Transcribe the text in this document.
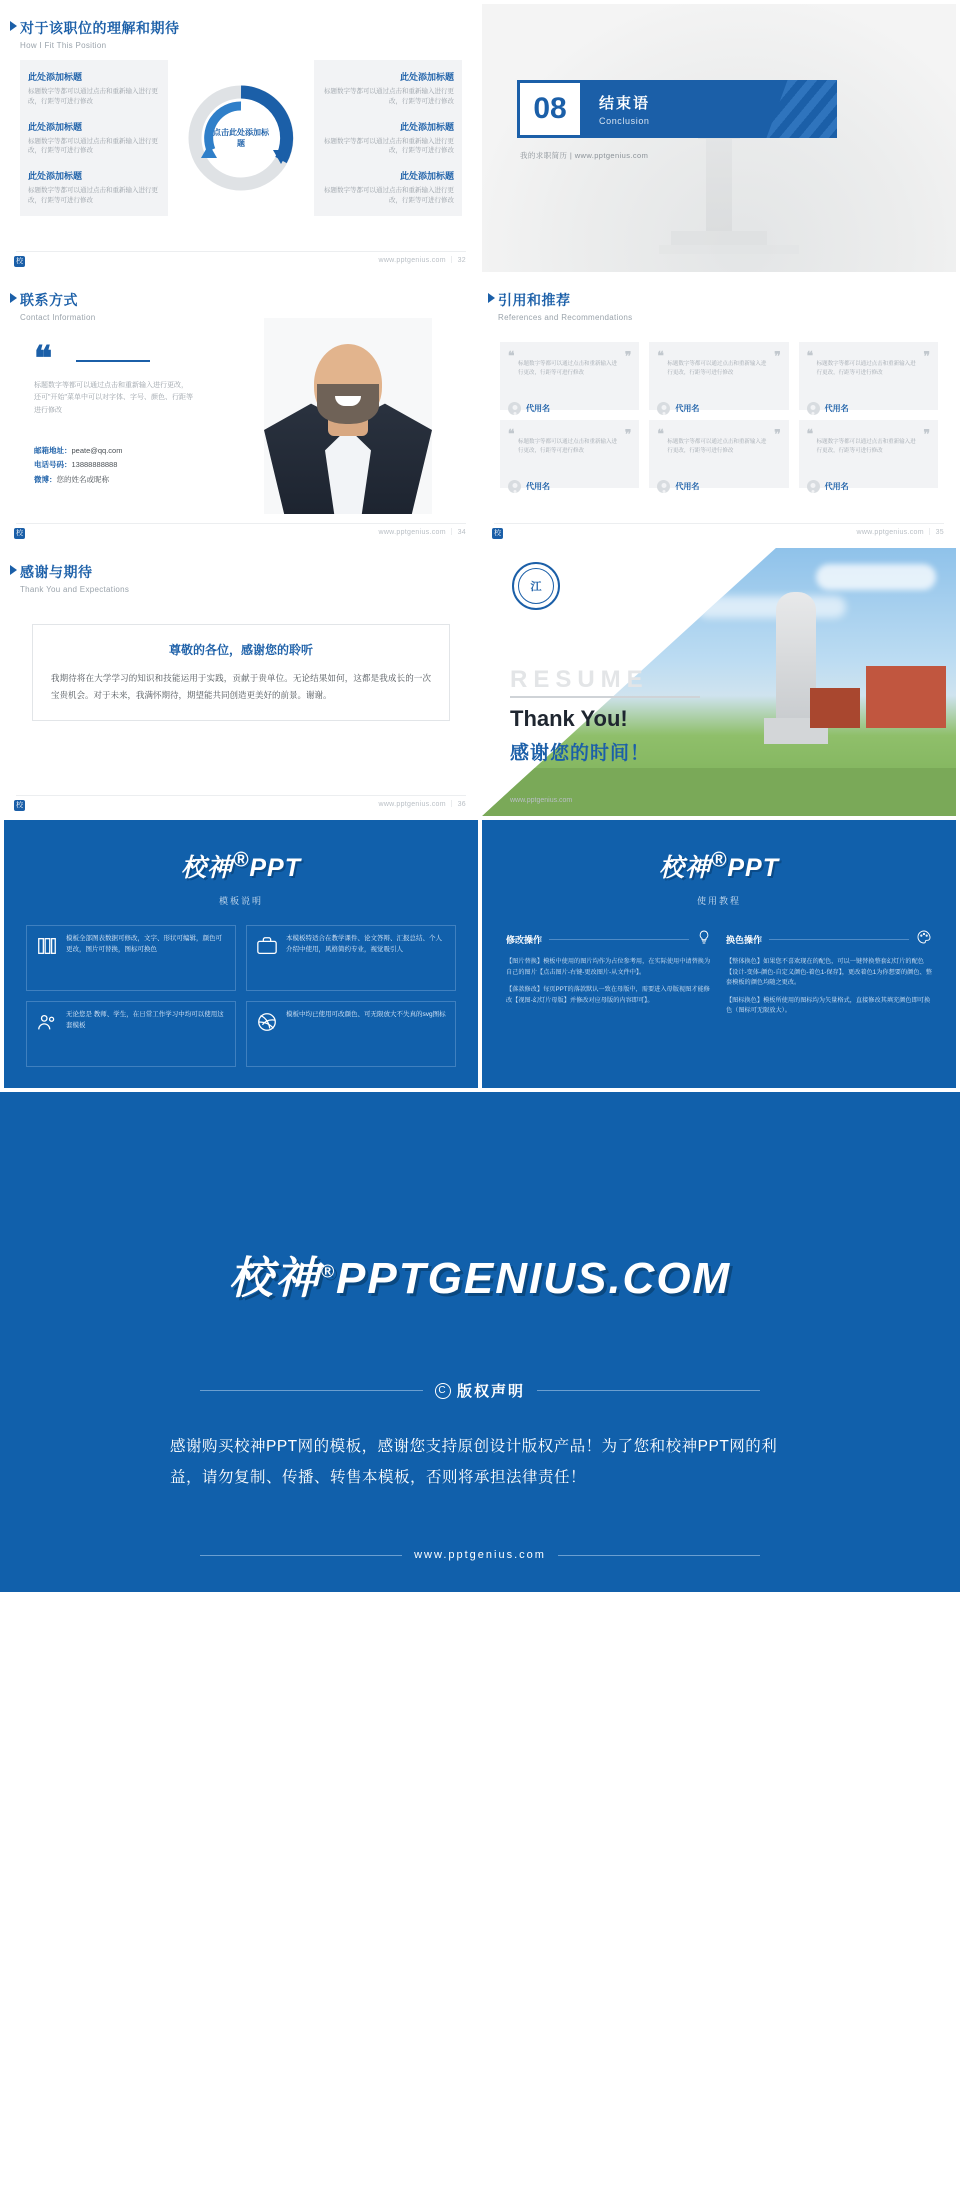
对于该职位的理解和期待
How I Fit This Position
此处添加标题

标题数字等都可以通过点击和重新输入进行更改，行距等可进行修改

此处添加标题

标题数字等都可以通过点击和重新输入进行更改，行距等可进行修改

此处添加标题

标题数字等都可以通过点击和重新输入进行更改，行距等可进行修改

点击此处添加标题
此处添加标题

标题数字等都可以通过点击和重新输入进行更改，行距等可进行修改

此处添加标题

标题数字等都可以通过点击和重新输入进行更改，行距等可进行修改

此处添加标题

标题数字等都可以通过点击和重新输入进行更改，行距等可进行修改

校	www.pptgenius.com ｜ 32
08	结束语
Conclusion
我的求职简历 | www.pptgenius.com
联系方式
Contact Information
❝
标题数字等都可以通过点击和重新输入进行更改，还可"开始"菜单中可以对字体、字号、颜色、行距等进行修改
邮箱地址：peate@qq.com
电话号码：13888888888
微博：您的姓名或昵称
校	www.pptgenius.com ｜ 34
引用和推荐
References and Recommendations
❝	❞
标题数字等都可以通过点击和重新输入进行更改，行距等可进行修改
代用名
❝	❞
标题数字等都可以通过点击和重新输入进行更改，行距等可进行修改
代用名
❝	❞
标题数字等都可以通过点击和重新输入进行更改，行距等可进行修改
代用名
❝	❞
标题数字等都可以通过点击和重新输入进行更改，行距等可进行修改
代用名
❝	❞
标题数字等都可以通过点击和重新输入进行更改，行距等可进行修改
代用名
❝	❞
标题数字等都可以通过点击和重新输入进行更改，行距等可进行修改
代用名
校	www.pptgenius.com ｜ 35
感谢与期待
Thank You and Expectations
尊敬的各位，感谢您的聆听
我期待将在大学学习的知识和技能运用于实践，贡献于贵单位。无论结果如何，这都是我成长的一次宝贵机会。对于未来，我满怀期待，期望能共同创造更美好的前景。谢谢。
校	www.pptgenius.com ｜ 36
江
RESUME
Thank You!
感谢您的时间！
www.pptgenius.com
校神®PPT
模板说明
模板全部图表数据可修改，文字、形状可编辑，颜色可更改，图片可替换，图标可换色
本模板特适合在教学课件、论文答辩、汇报总结、个人介绍中使用，风格简约专业，视觉吸引人
无论您是 教师、学生，在日常工作学习中均可以使用这套模板
模板中均已使用可改颜色、可无限放大不失真的svg图标
校神®PPT
使用教程
修改操作
【图片替换】模板中使用的图片均作为占位参考用，在实际使用中请替换为自己的图片【点击图片-右键-更改图片-从文件中】。
【落款修改】每页PPT的落款默认一致在母版中，需要进入母版视图才能修改【视图-幻灯片母版】并修改对应母版的内容即可】。
换色操作
【整体换色】如果您不喜欢现在的配色，可以一键替换整套幻灯片的配色【设计-变体-颜色-自定义颜色-着色1-保存】，更改着色1为你想要的颜色、整套模板的颜色均随之更改。
【图标换色】模板所使用的图标均为矢量格式，直接修改其填充颜色即可换色（图标可无限放大）。
校神®PPTGENIUS.COM
C 版权声明
感谢购买校神PPT网的模板，感谢您支持原创设计版权产品！为了您和校神PPT网的利益，请勿复制、传播、转售本模板，否则将承担法律责任！
www.pptgenius.com
